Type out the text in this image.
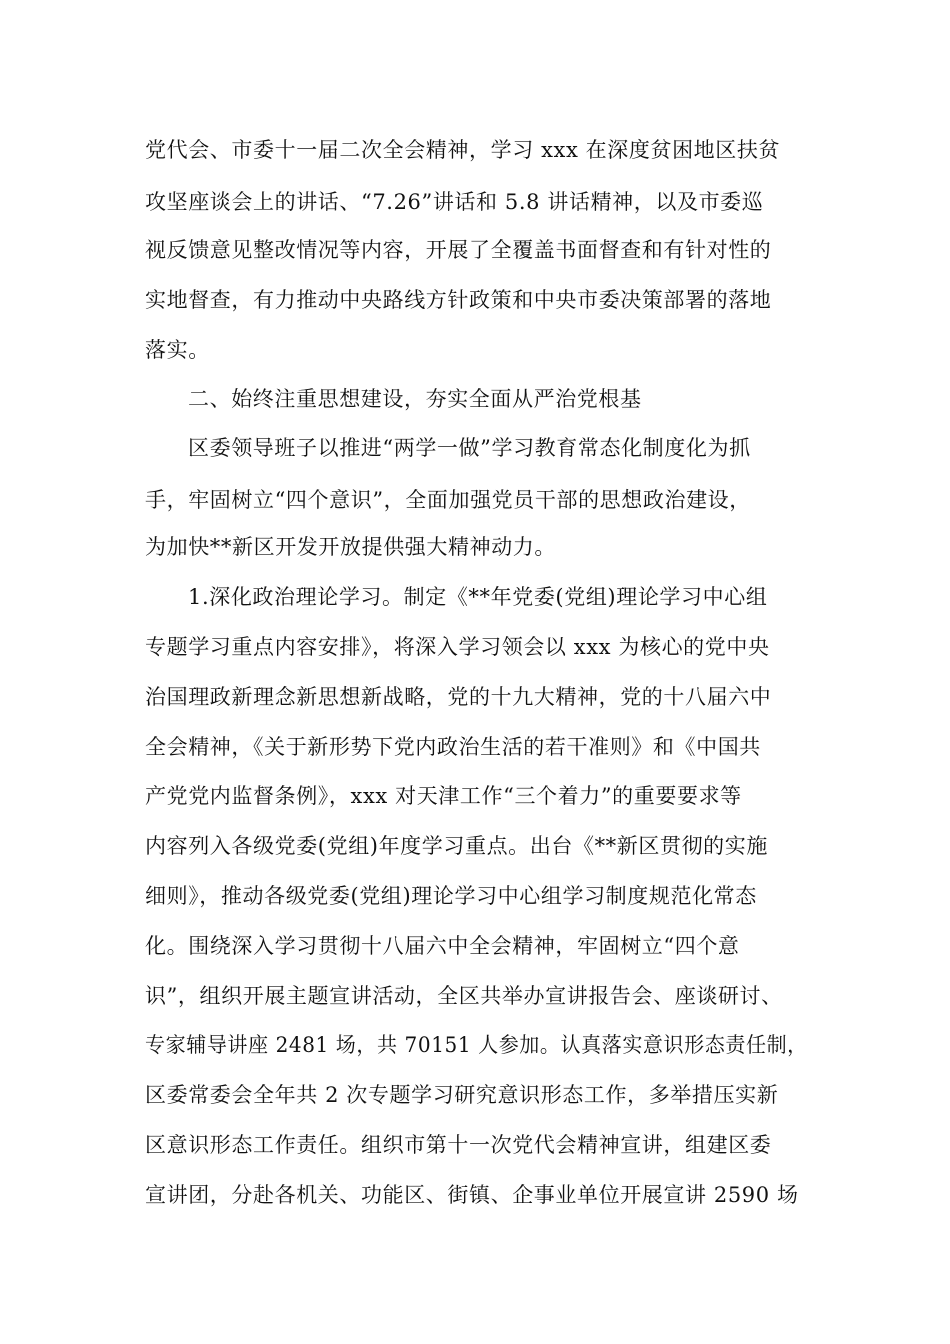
党代会、市委十一届二次全会精神，学习 xxx 在深度贫困地区扶贫
攻坚座谈会上的讲话、“7.26”讲话和 5.8 讲话精神，以及市委巡
视反馈意见整改情况等内容，开展了全覆盖书面督查和有针对性的
实地督查，有力推动中央路线方针政策和中央市委决策部署的落地
落实。
二、始终注重思想建设，夯实全面从严治党根基
区委领导班子以推进“两学一做”学习教育常态化制度化为抓
手，牢固树立“四个意识”，全面加强党员干部的思想政治建设，
为加快**新区开发开放提供强大精神动力。
1.深化政治理论学习。制定《**年党委(党组)理论学习中心组
专题学习重点内容安排》，将深入学习领会以 xxx 为核心的党中央
治国理政新理念新思想新战略，党的十九大精神，党的十八届六中
全会精神，《关于新形势下党内政治生活的若干准则》和《中国共
产党党内监督条例》，xxx 对天津工作“三个着力”的重要要求等
内容列入各级党委(党组)年度学习重点。出台《**新区贯彻的实施
细则》，推动各级党委(党组)理论学习中心组学习制度规范化常态
化。围绕深入学习贯彻十八届六中全会精神，牢固树立“四个意
识”，组织开展主题宣讲活动，全区共举办宣讲报告会、座谈研讨、
专家辅导讲座 2481 场，共 70151 人参加。认真落实意识形态责任制，
区委常委会全年共 2 次专题学习研究意识形态工作，多举措压实新
区意识形态工作责任。组织市第十一次党代会精神宣讲，组建区委
宣讲团，分赴各机关、功能区、街镇、企事业单位开展宣讲 2590 场
